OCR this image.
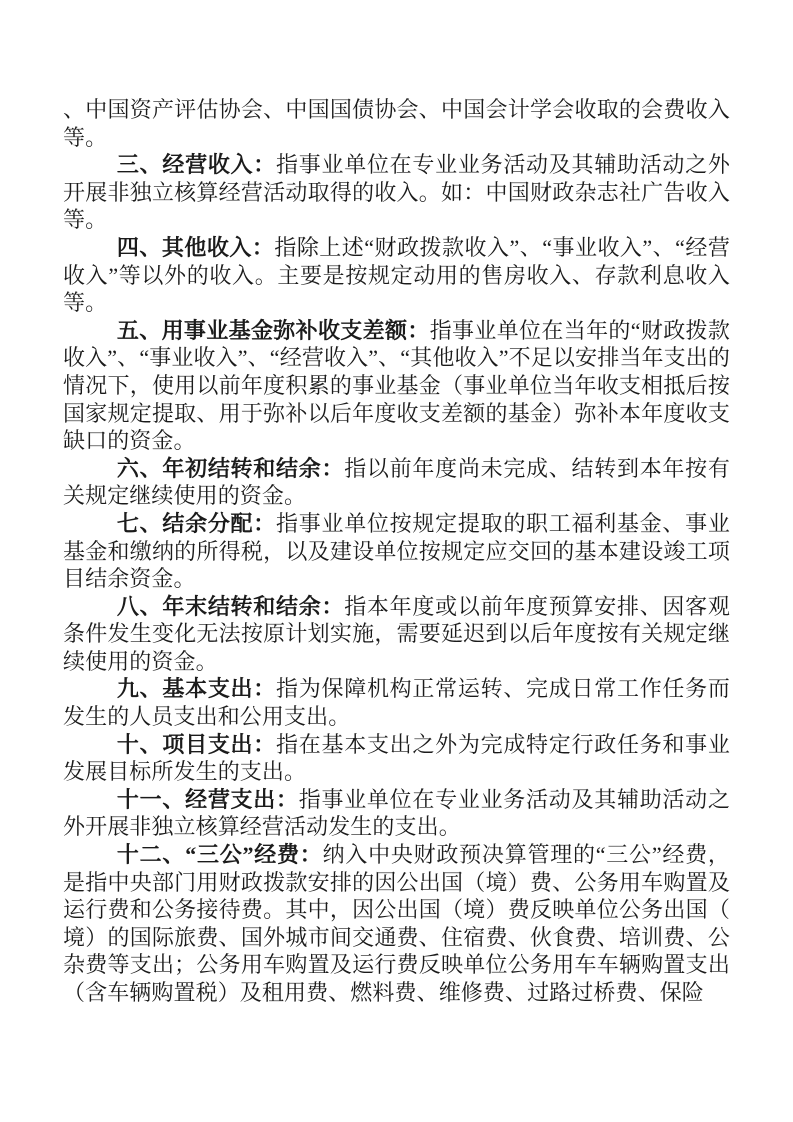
、中国资产评估协会、中国国债协会、中国会计学会收取的会费收入等。

三、经营收入：指事业单位在专业业务活动及其辅助活动之外开展非独立核算经营活动取得的收入。如：中国财政杂志社广告收入等。

四、其他收入：指除上述“财政拨款收入”、“事业收入”、“经营收入”等以外的收入。主要是按规定动用的售房收入、存款利息收入等。

五、用事业基金弥补收支差额：指事业单位在当年的“财政拨款收入”、“事业收入”、“经营收入”、“其他收入”不足以安排当年支出的情况下，使用以前年度积累的事业基金（事业单位当年收支相抵后按国家规定提取、用于弥补以后年度收支差额的基金）弥补本年度收支缺口的资金。

六、年初结转和结余：指以前年度尚未完成、结转到本年按有关规定继续使用的资金。

七、结余分配：指事业单位按规定提取的职工福利基金、事业基金和缴纳的所得税，以及建设单位按规定应交回的基本建设竣工项目结余资金。

八、年末结转和结余：指本年度或以前年度预算安排、因客观条件发生变化无法按原计划实施，需要延迟到以后年度按有关规定继续使用的资金。

九、基本支出：指为保障机构正常运转、完成日常工作任务而发生的人员支出和公用支出。

十、项目支出：指在基本支出之外为完成特定行政任务和事业发展目标所发生的支出。

十一、经营支出：指事业单位在专业业务活动及其辅助活动之外开展非独立核算经营活动发生的支出。

十二、“三公”经费：纳入中央财政预决算管理的“三公”经费，是指中央部门用财政拨款安排的因公出国（境）费、公务用车购置及运行费和公务接待费。其中，因公出国（境）费反映单位公务出国（境）的国际旅费、国外城市间交通费、住宿费、伙食费、培训费、公杂费等支出；公务用车购置及运行费反映单位公务用车车辆购置支出（含车辆购置税）及租用费、燃料费、维修费、过路过桥费、保险
